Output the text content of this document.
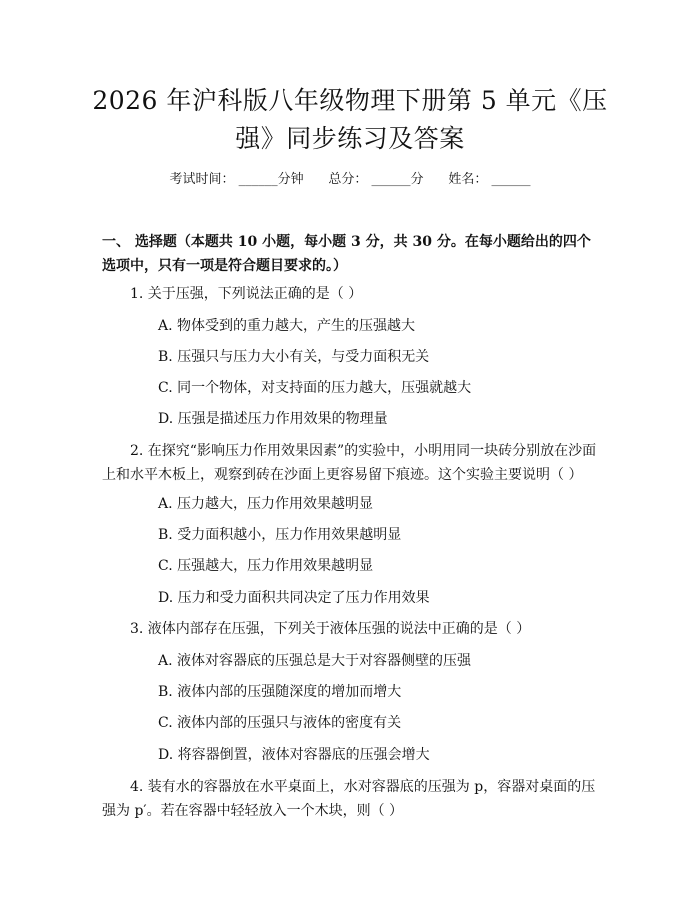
2026 年沪科版八年级物理下册第 5 单元《压
强》同步练习及答案
考试时间： ______分钟      总分： ______分      姓名： ______
一、 选择题（本题共 10 小题，每小题 3 分，共 30 分。在每小题给出的四个选项中，只有一项是符合题目要求的。）
1. 关于压强，下列说法正确的是（ ）
A. 物体受到的重力越大，产生的压强越大
B. 压强只与压力大小有关，与受力面积无关
C. 同一个物体，对支持面的压力越大，压强就越大
D. 压强是描述压力作用效果的物理量
2. 在探究“影响压力作用效果因素”的实验中，小明用同一块砖分别放在沙面上和水平木板上，观察到砖在沙面上更容易留下痕迹。这个实验主要说明（ ）
A. 压力越大，压力作用效果越明显
B. 受力面积越小，压力作用效果越明显
C. 压强越大，压力作用效果越明显
D. 压力和受力面积共同决定了压力作用效果
3. 液体内部存在压强，下列关于液体压强的说法中正确的是（ ）
A. 液体对容器底的压强总是大于对容器侧壁的压强
B. 液体内部的压强随深度的增加而增大
C. 液体内部的压强只与液体的密度有关
D. 将容器倒置，液体对容器底的压强会增大
4. 装有水的容器放在水平桌面上，水对容器底的压强为 p，容器对桌面的压强为 p′。若在容器中轻轻放入一个木块，则（ ）
